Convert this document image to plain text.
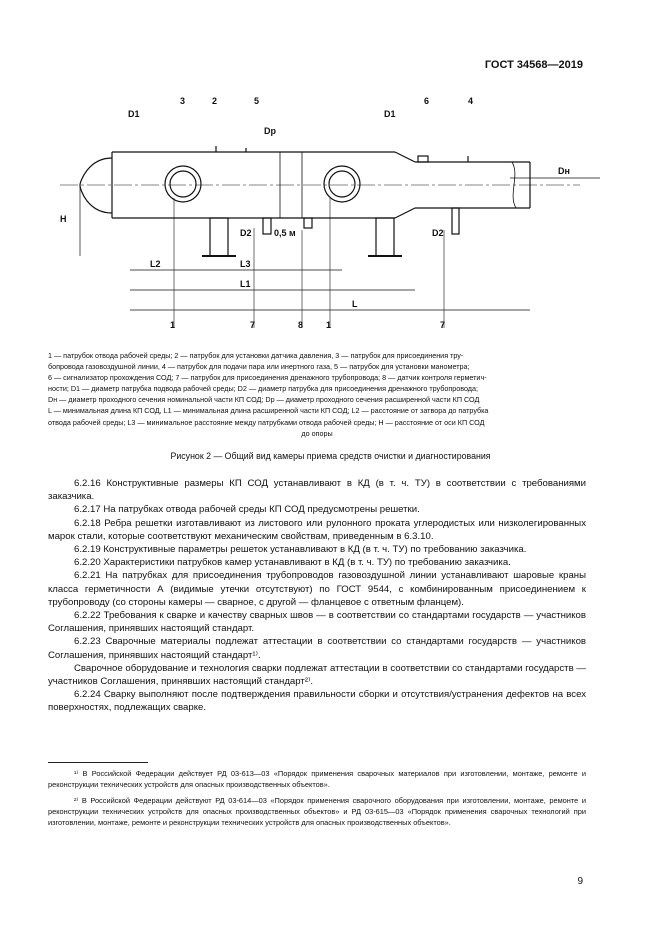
ГОСТ 34568—2019
D1
3	2	5
Dp
D1
6	4
Dн
H
D2 0,5 м	D2
L2	L3
L1
L
1	7	8	1	7
1 — патрубок отвода рабочей среды; 2 — патрубок для установки датчика давления, 3 — патрубок для присоединения тру-
бопровода газовоздушной линии, 4 — патрубок для подачи пара или инертного газа, 5 — патрубок для установки манометра;
6 — сигнализатор прохождения СОД; 7 — патрубок для присоединения дренажного трубопровода; 8 — датчик контроля герметич-
ности; D1 — диаметр патрубка подвода рабочей среды; D2 — диаметр патрубка для присоединения дренажного трубопровода;
Dн — диаметр проходного сечения номинальной части КП СОД; Dр — диаметр проходного сечения расширенной части КП СОД
L — минимальная длина КП СОД, L1 — минимальная длина расширенной части КП СОД; L2 — расстояние от затвора до патрубка
отвода рабочей среды; L3 — минимальное расстояние между патрубками отвода рабочей среды; H — расстояние от оси КП СОД
до опоры
Рисунок 2 — Общий вид камеры приема средств очистки и диагностирования

6.2.16 Конструктивные размеры КП СОД устанавливают в КД (в т. ч. ТУ) в соответствии с требованиями заказчика.

6.2.17 На патрубках отвода рабочей среды КП СОД предусмотрены решетки.

6.2.18 Ребра решетки изготавливают из листового или рулонного проката углеродистых или низколегированных марок стали, которые соответствуют механическим свойствам, приведенным в 6.3.10.

6.2.19 Конструктивные параметры решеток устанавливают в КД (в т. ч. ТУ) по требованию заказчика.

6.2.20 Характеристики патрубков камер устанавливают в КД (в т. ч. ТУ) по требованию заказчика.

6.2.21 На патрубках для присоединения трубопроводов газовоздушной линии устанавливают шаровые краны класса герметичности А (видимые утечки отсутствуют) по ГОСТ 9544, с комбинированным присоединением к трубопроводу (со стороны камеры — сварное, с другой — фланцевое с ответным фланцем).

6.2.22 Требования к сварке и качеству сварных швов — в соответствии со стандартами государств — участников Соглашения, принявших настоящий стандарт.

6.2.23 Сварочные материалы подлежат аттестации в соответствии со стандартами государств — участников Соглашения, принявших настоящий стандарт¹⁾.

Сварочное оборудование и технология сварки подлежат аттестации в соответствии со стандартами государств — участников Соглашения, принявших настоящий стандарт²⁾.

6.2.24 Сварку выполняют после подтверждения правильности сборки и отсутствия/устранения дефектов на всех поверхностях, подлежащих сварке.

¹⁾ В Российской Федерации действует РД 03-613—03 «Порядок применения сварочных материалов при изготовлении, монтаже, ремонте и реконструкции технических устройств для опасных производственных объектов».
²⁾ В Российской Федерации действуют РД 03-614—03 «Порядок применения сварочного оборудования при изготовлении, монтаже, ремонте и реконструкции технических устройств для опасных производственных объектов» и РД 03-615—03 «Порядок применения сварочных технологий при изготовлении, монтаже, ремонте и реконструкции технических устройств для опасных производственных объектов».
9
